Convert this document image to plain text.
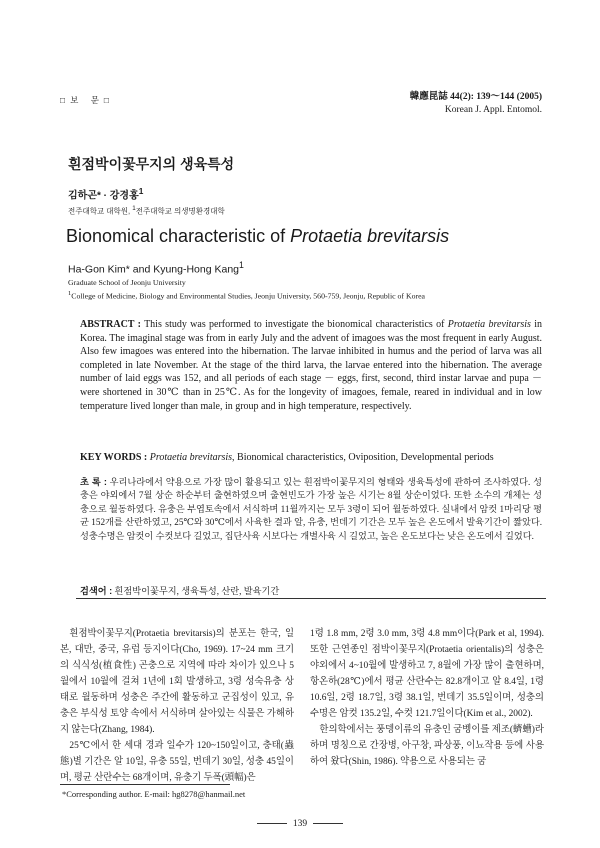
□보 문□	韓應昆誌 44(2): 139～144 (2005)
Korean J. Appl. Entomol.
흰점박이꽃무지의 생육특성
김하곤* · 강경홍$^1$
전주대학교 대학원, $^1$전주대학교 의생명환경대학
Bionomical characteristic of Protaetia brevitarsis
Ha-Gon Kim* and Kyung-Hong Kang$^1$
Graduate School of Jeonju University
$^1$College of Medicine, Biology and Environmental Studies, Jeonju University, 560-759, Jeonju, Republic of Korea
ABSTRACT : This study was performed to investigate the bionomical characteristics of Protaetia brevitarsis in Korea. The imaginal stage was from in early July and the advent of imagoes was the most frequent in early August. Also few imagoes was entered into the hibernation. The larvae inhibited in humus and the period of larva was all completed in late November. At the stage of the third larva, the larvae entered into the hibernation. The average number of laid eggs was 152, and all periods of each stage － eggs, first, second, third instar larvae and pupa － were shortened in 30℃ than in 25℃. As for the longevity of imagoes, female, reared in individual and in low temperature lived longer than male, in group and in high temperature, respectively.
KEY WORDS : Protaetia brevitarsis, Bionomical characteristics, Oviposition, Developmental periods
초 록 : 우리나라에서 약용으로 가장 많이 활용되고 있는 흰점박이꽃무지의 형태와 생육특성에 관하여 조사하였다. 성충은 야외에서 7월 상순 하순부터 출현하였으며 출현빈도가 가장 높은 시기는 8월 상순이었다. 또한 소수의 개체는 성충으로 월동하였다. 유충은 부엽토속에서 서식하며 11월까지는 모두 3령이 되어 월동하였다. 실내에서 암컷 1마리당 평균 152개를 산란하였고, 25℃와 30℃에서 사육한 결과 알, 유충, 번데기 기간은 모두 높은 온도에서 발육기간이 짧았다. 성충수명은 암컷이 수컷보다 길었고, 집단사육 시보다는 개별사육 시 길었고, 높은 온도보다는 낮은 온도에서 길었다.
검색어 : 흰점박이꽃무지, 생육특성, 산란, 발육기간

흰점박이꽃무지(Protaetia brevitarsis)의 분포는 한국, 일본, 대만, 중국, 유럽 등지이다(Cho, 1969). 17~24 mm 크기의 식식성(植食性) 곤충으로 지역에 따라 차이가 있으나 5월에서 10월에 걸쳐 1년에 1회 발생하고, 3령 성숙유충 상태로 월동하며 성충은 주간에 활동하고 군집성이 있고, 유충은 부식성 토양 속에서 서식하며 살아있는 식물은 가해하지 않는다(Zhang, 1984).

25℃에서 한 세대 경과 일수가 120~150일이고, 충태(蟲態)별 기간은 알 10일, 유충 55일, 번데기 30일, 성충 45일이며, 평균 산란수는 68개이며, 유충기 두폭(頭幅)은

1령 1.8 mm, 2령 3.0 mm, 3령 4.8 mm이다(Park et al, 1994). 또한 근연종인 점박이꽃무지(Protaetia orientalis)의 성충은 야외에서 4~10월에 발생하고 7, 8월에 가장 많이 출현하며, 항온하(28℃)에서 평균 산란수는 82.8개이고 알 8.4일, 1령 10.6일, 2령 18.7일, 3령 38.1일, 번데기 35.5일이며, 성충의 수명은 암컷 135.2일, 수컷 121.7일이다(Kim et al., 2002).

한의학에서는 풍뎅이류의 유충인 굼벵이를 제조(蠐螬)라하며 명칭으로 간장병, 아구창, 파상풍, 이뇨작용 등에 사용하여 왔다(Shin, 1986). 약용으로 사용되는 굼

*Corresponding author. E-mail: hg8278@hanmail.net
139
